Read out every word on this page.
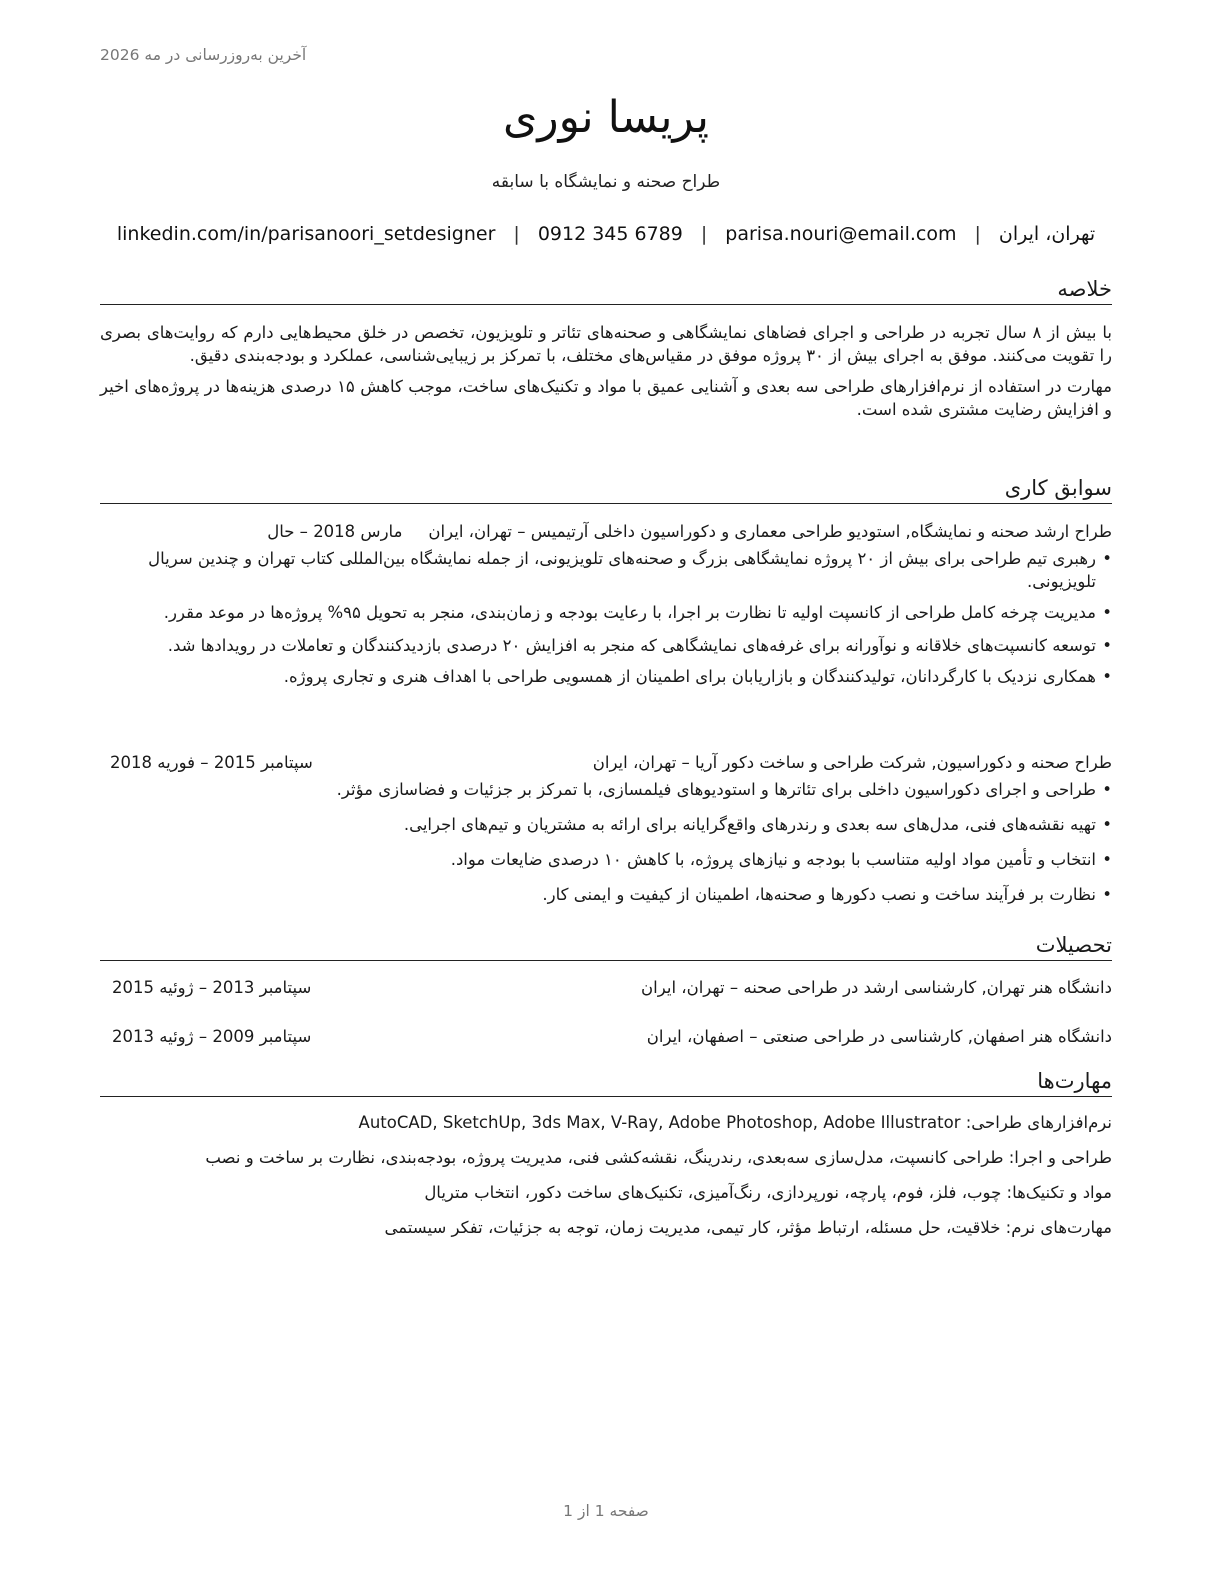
آخرین به‌روزرسانی در مه 2026
پریسا نوری
طراح صحنه و نمایشگاه با سابقه
تهران، ایران|parisa.nouri@email.com|0912 345 6789|linkedin.com/in/parisanoori_setdesigner
خلاصه

با بیش از ۸ سال تجربه در طراحی و اجرای فضاهای نمایشگاهی و صحنه‌های تئاتر و تلویزیون، تخصص در خلق محیط‌هایی دارم که روایت‌های بصری را تقویت می‌کنند. موفق به اجرای بیش از ۳۰ پروژه موفق در مقیاس‌های مختلف، با تمرکز بر زیبایی‌شناسی، عملکرد و بودجه‌بندی دقیق.

مهارت در استفاده از نرم‌افزارهای طراحی سه بعدی و آشنایی عمیق با مواد و تکنیک‌های ساخت، موجب کاهش ۱۵ درصدی هزینه‌ها در پروژه‌های اخیر و افزایش رضایت مشتری شده است.

سوابق کاری
طراح ارشد صحنه و نمایشگاه, استودیو طراحی معماری و دکوراسیون داخلی آرتیمیس – تهران، ایران
مارس 2018 – حال
• رهبری تیم طراحی برای بیش از ۲۰ پروژه نمایشگاهی بزرگ و صحنه‌های تلویزیونی، از جمله نمایشگاه بین‌المللی کتاب تهران و چندین سریال تلویزیونی.
• مدیریت چرخه کامل طراحی از کانسپت اولیه تا نظارت بر اجرا، با رعایت بودجه و زمان‌بندی، منجر به تحویل ۹۵% پروژه‌ها در موعد مقرر.
• توسعه کانسپت‌های خلاقانه و نوآورانه برای غرفه‌های نمایشگاهی که منجر به افزایش ۲۰ درصدی بازدیدکنندگان و تعاملات در رویدادها شد.
• همکاری نزدیک با کارگردانان، تولیدکنندگان و بازاریابان برای اطمینان از همسویی طراحی با اهداف هنری و تجاری پروژه.
طراح صحنه و دکوراسیون, شرکت طراحی و ساخت دکور آریا – تهران، ایران
سپتامبر 2015 – فوریه 2018
• طراحی و اجرای دکوراسیون داخلی برای تئاترها و استودیوهای فیلمسازی، با تمرکز بر جزئیات و فضاسازی مؤثر.
• تهیه نقشه‌های فنی، مدل‌های سه بعدی و رندرهای واقع‌گرایانه برای ارائه به مشتریان و تیم‌های اجرایی.
• انتخاب و تأمین مواد اولیه متناسب با بودجه و نیازهای پروژه، با کاهش ۱۰ درصدی ضایعات مواد.
• نظارت بر فرآیند ساخت و نصب دکورها و صحنه‌ها، اطمینان از کیفیت و ایمنی کار.
تحصیلات
دانشگاه هنر تهران, کارشناسی ارشد در طراحی صحنه – تهران، ایران
سپتامبر 2013 – ژوئیه 2015
دانشگاه هنر اصفهان, کارشناسی در طراحی صنعتی – اصفهان، ایران
سپتامبر 2009 – ژوئیه 2013
مهارت‌ها

نرم‌افزارهای طراحی: AutoCAD, SketchUp, 3ds Max, V-Ray, Adobe Photoshop, Adobe Illustrator

طراحی و اجرا: طراحی کانسپت، مدل‌سازی سه‌بعدی، رندرینگ، نقشه‌کشی فنی، مدیریت پروژه، بودجه‌بندی، نظارت بر ساخت و نصب

مواد و تکنیک‌ها: چوب، فلز، فوم، پارچه، نورپردازی، رنگ‌آمیزی، تکنیک‌های ساخت دکور، انتخاب متریال

مهارت‌های نرم: خلاقیت، حل مسئله، ارتباط مؤثر، کار تیمی، مدیریت زمان، توجه به جزئیات، تفکر سیستمی

صفحه 1 از 1
